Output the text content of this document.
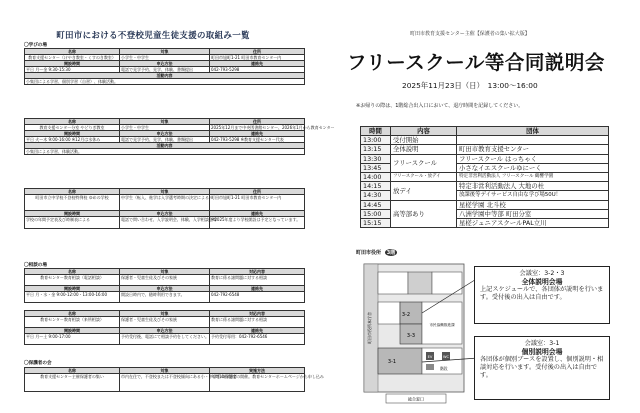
町田市における不登校児童生徒支援の取組み一覧
〇学びの場
名称	対象	住所
教育支援センター（けやき教室・くすのき教室）	小学生・中学生	町田市旭町1-21 町田市教育センター内
開設時間	申込方法	連絡先
平日 月～金 9:30-15:30	電話で見学予約、見学、体験、書類提出	042-793-5298
活動内容		
小集団による学習、個別学習（自習）、体験活動。		
名称	対象	住所
教育支援センター分室 やどりぎ教室	小学生・中学生	2025年12月まで中央図書館センター、2026年1月から教育センター
開設時間	申込方法	連絡先
平日 火～木 9:00-16:00 ※12月は水休み	電話で見学予約、見学、体験、書類提出	042-793-5298 ※教育支援センター代表
活動内容		
小集団による学習、体験活動。		
名称	対象	住所
町田市立中学校不登校特例校 ゆめの学校	中学生（転入、進学は入学選考時期の決定による）	町田市旭町1-21 町田市教育センター内
開設時間	申込方法	連絡先
学校の年間予定表及び時制表による	電話で問い合わせ、入学説明会、体験、入学相談会等	※2025年度より学校開設は予定となっています。
〇相談の場
名称	対象	対応内容
教育センター教育相談（電話相談）	保護者・児童生徒及びその家族	教育に係る諸問題に対する相談
開設時間	申込方法	連絡先
平日 月・水・金 9:00-12:00・13:00-16:00	開設日時内で、随時利用できます。	042-792-6548
名称	対象	対応内容
教育センター教育相談（来所相談）	保護者・児童生徒及びその家族	教育に係る諸問題に対する相談
開設時間	申込方法	連絡先
平日 月～土 9:00-17:00	予約受付後、電話にて相談予約をしてください。	予約受付専用：042-792-6546
〇保護者の会
名称	対象	実施方法
教育支援センター主催保護者の集い	市内在住で、不登校または不登校傾向にある小・中学生の保護者	年間10回程度の開催。教育センターホームページから申し込み
町田市教育支援センター主催【保護者の集い拡大版】
フリースクール等合同説明会
2025年11月23日（日）　13:00～16:00
※お帰りの際は、1階総合出入口において、退庁時間を記録してください。
時間	内容	団体
13:00	受付開始	
13:15	全体説明	町田市教育支援センター
13:30	フリースクール	フリースクール はっちゃく
13:45		小さなイエスクールゆにーく
14:00	フリースクール・放デイ	特定非営利活動法人 フリースクール 鶴響学園
14:15	放デイ	特定非営利活動法人 大地の杜
14:30		放課後等デイサービス自由な学び場50U！
14:45	高等部あり	星槎学園 北斗校
15:00		八洲学園中等部 町田分室
15:15		星槎ジュニアスクールPAL立川
町田市役所 3階
3-2
3-3
3-1
EV	WC
階段
総合窓口
町田市役所本庁舎	市民協働推進課
会議室：3-2・3
全体説明会場
上記スケジュールで、各団体が説明を行います。受付後の出入は自由です。
会議室：3-1
個別説明会場
各団体が個別ブースを設置し、個別説明・相談対応を行います。受付後の出入は自由です。
